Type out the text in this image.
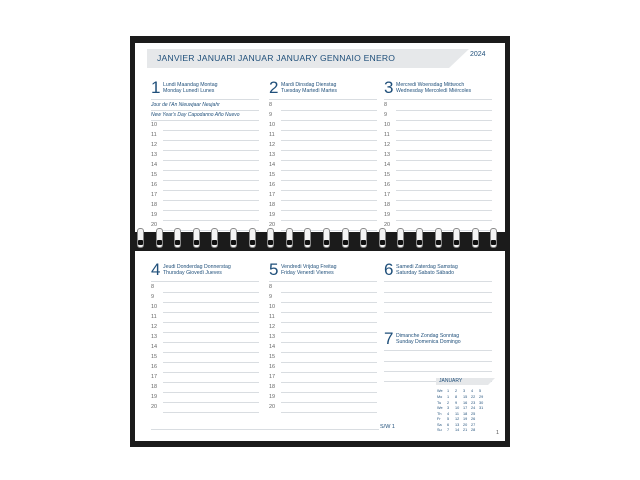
JANVIER JANUARI JANUAR JANUARY GENNAIO ENERO	2024
1 Lundi Maandag Montag
Monday Lunedì Lunes
Jour de l'An Nieuwjaar Neujahr
New Year's Day Capodanno Año Nuevo
10
11
12
13
14
15
16
17
18
19
20
2 Mardi Dinsdag Dienstag
Tuesday Martedì Martes
8
9
10
11
12
13
14
15
16
17
18
19
20
3 Mercredi Woensdag Mittwoch
Wednesday Mercoledì Miércoles
8
9
10
11
12
13
14
15
16
17
18
19
20
4 Jeudi Donderdag Donnerstag
Thursday Giovedì Jueves
8
9
10
11
12
13
14
15
16
17
18
19
20
5 Vendredi Vrijdag Freitag
Friday Venerdì Viernes
8
9
10
11
12
13
14
15
16
17
18
19
20
6 Samedi Zaterdag Samstag
Saturday Sabato Sábado
7 Dimanche Zondag Sonntag
Sunday Domenica Domingo
JANUARY
We 1 2 3 4 5
Mo 1 8 15 22 29
Tu 2 9 16 23 30
We 3 10 17 24 31
Th 4 11 18 25
Fr 5 12 19 26
Sa 6 13 20 27
Su 7 14 21 28
S/W 1
1
